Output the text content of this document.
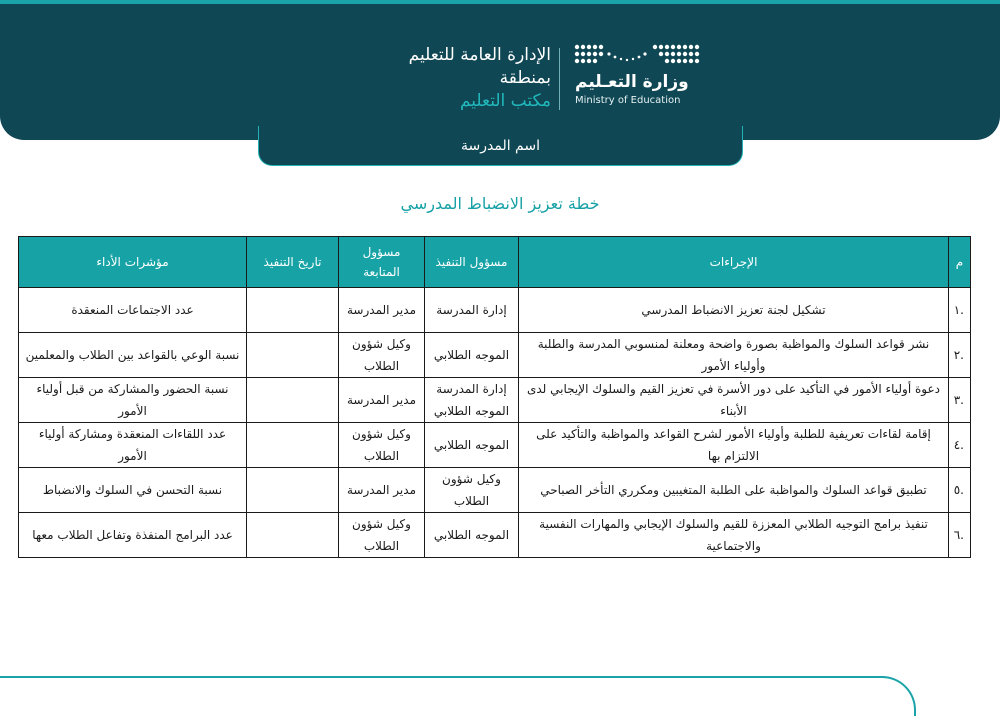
الإدارة العامة للتعليم
بمنطقة
مكتب التعليم
وزارة التعـليم
Ministry of Education
اسم المدرسة
خطة تعزيز الانضباط المدرسي
م	الإجراءات	مسؤول التنفيذ	مسؤول المتابعة	تاريخ التنفيذ	مؤشرات الأداء
.١	تشكيل لجنة تعزيز الانضباط المدرسي	إدارة المدرسة	مدير المدرسة		عدد الاجتماعات المنعقدة
.٢	نشر قواعد السلوك والمواظبة بصورة واضحة ومعلنة لمنسوبي المدرسة والطلبة وأولياء الأمور	الموجه الطلابي	وكيل شؤون الطلاب		نسبة الوعي بالقواعد بين الطلاب والمعلمين
.٣	دعوة أولياء الأمور في التأكيد على دور الأسرة في تعزيز القيم والسلوك الإيجابي لدى الأبناء	إدارة المدرسة الموجه الطلابي	مدير المدرسة		نسبة الحضور والمشاركة من قبل أولياء الأمور
.٤	إقامة لقاءات تعريفية للطلبة وأولياء الأمور لشرح القواعد والمواظبة والتأكيد على الالتزام بها	الموجه الطلابي	وكيل شؤون الطلاب		عدد اللقاءات المنعقدة ومشاركة أولياء الأمور
.٥	تطبيق قواعد السلوك والمواظبة على الطلبة المتغيبين ومكرري التأخر الصباحي	وكيل شؤون الطلاب	مدير المدرسة		نسبة التحسن في السلوك والانضباط
.٦	تنفيذ برامج التوجيه الطلابي المعززة للقيم والسلوك الإيجابي والمهارات النفسية والاجتماعية	الموجه الطلابي	وكيل شؤون الطلاب		عدد البرامج المنفذة وتفاعل الطلاب معها
